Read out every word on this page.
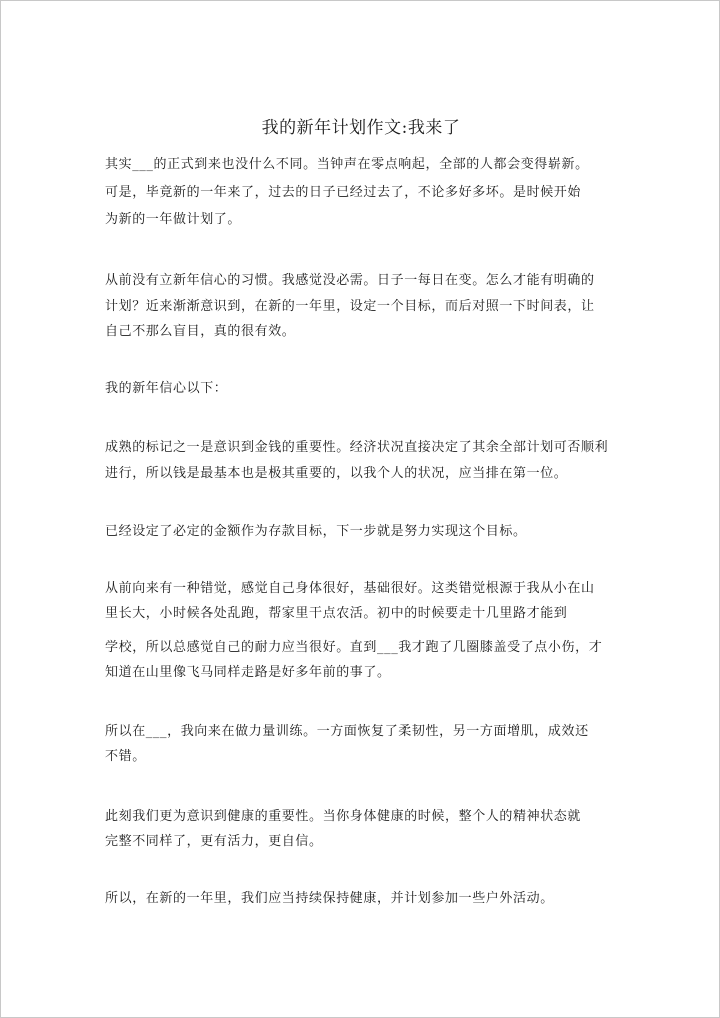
我的新年计划作文:我来了
其实___的正式到来也没什么不同。当钟声在零点响起，全部的人都会变得崭新。
可是，毕竟新的一年来了，过去的日子已经过去了，不论多好多坏。是时候开始
为新的一年做计划了。
从前没有立新年信心的习惯。我感觉没必需。日子一每日在变。怎么才能有明确的
计划？近来渐渐意识到，在新的一年里，设定一个目标，而后对照一下时间表，让
自己不那么盲目，真的很有效。
我的新年信心以下：
成熟的标记之一是意识到金钱的重要性。经济状况直接决定了其余全部计划可否顺利
进行，所以钱是最基本也是极其重要的，以我个人的状况，应当排在第一位。
已经设定了必定的金额作为存款目标，下一步就是努力实现这个目标。
从前向来有一种错觉，感觉自己身体很好，基础很好。这类错觉根源于我从小在山
里长大，小时候各处乱跑，帮家里干点农活。初中的时候要走十几里路才能到
学校，所以总感觉自己的耐力应当很好。直到___我才跑了几圈膝盖受了点小伤，才
知道在山里像飞马同样走路是好多年前的事了。
所以在___，我向来在做力量训练。一方面恢复了柔韧性，另一方面增肌，成效还
不错。
此刻我们更为意识到健康的重要性。当你身体健康的时候，整个人的精神状态就
完整不同样了，更有活力，更自信。
所以，在新的一年里，我们应当持续保持健康，并计划参加一些户外活动。
